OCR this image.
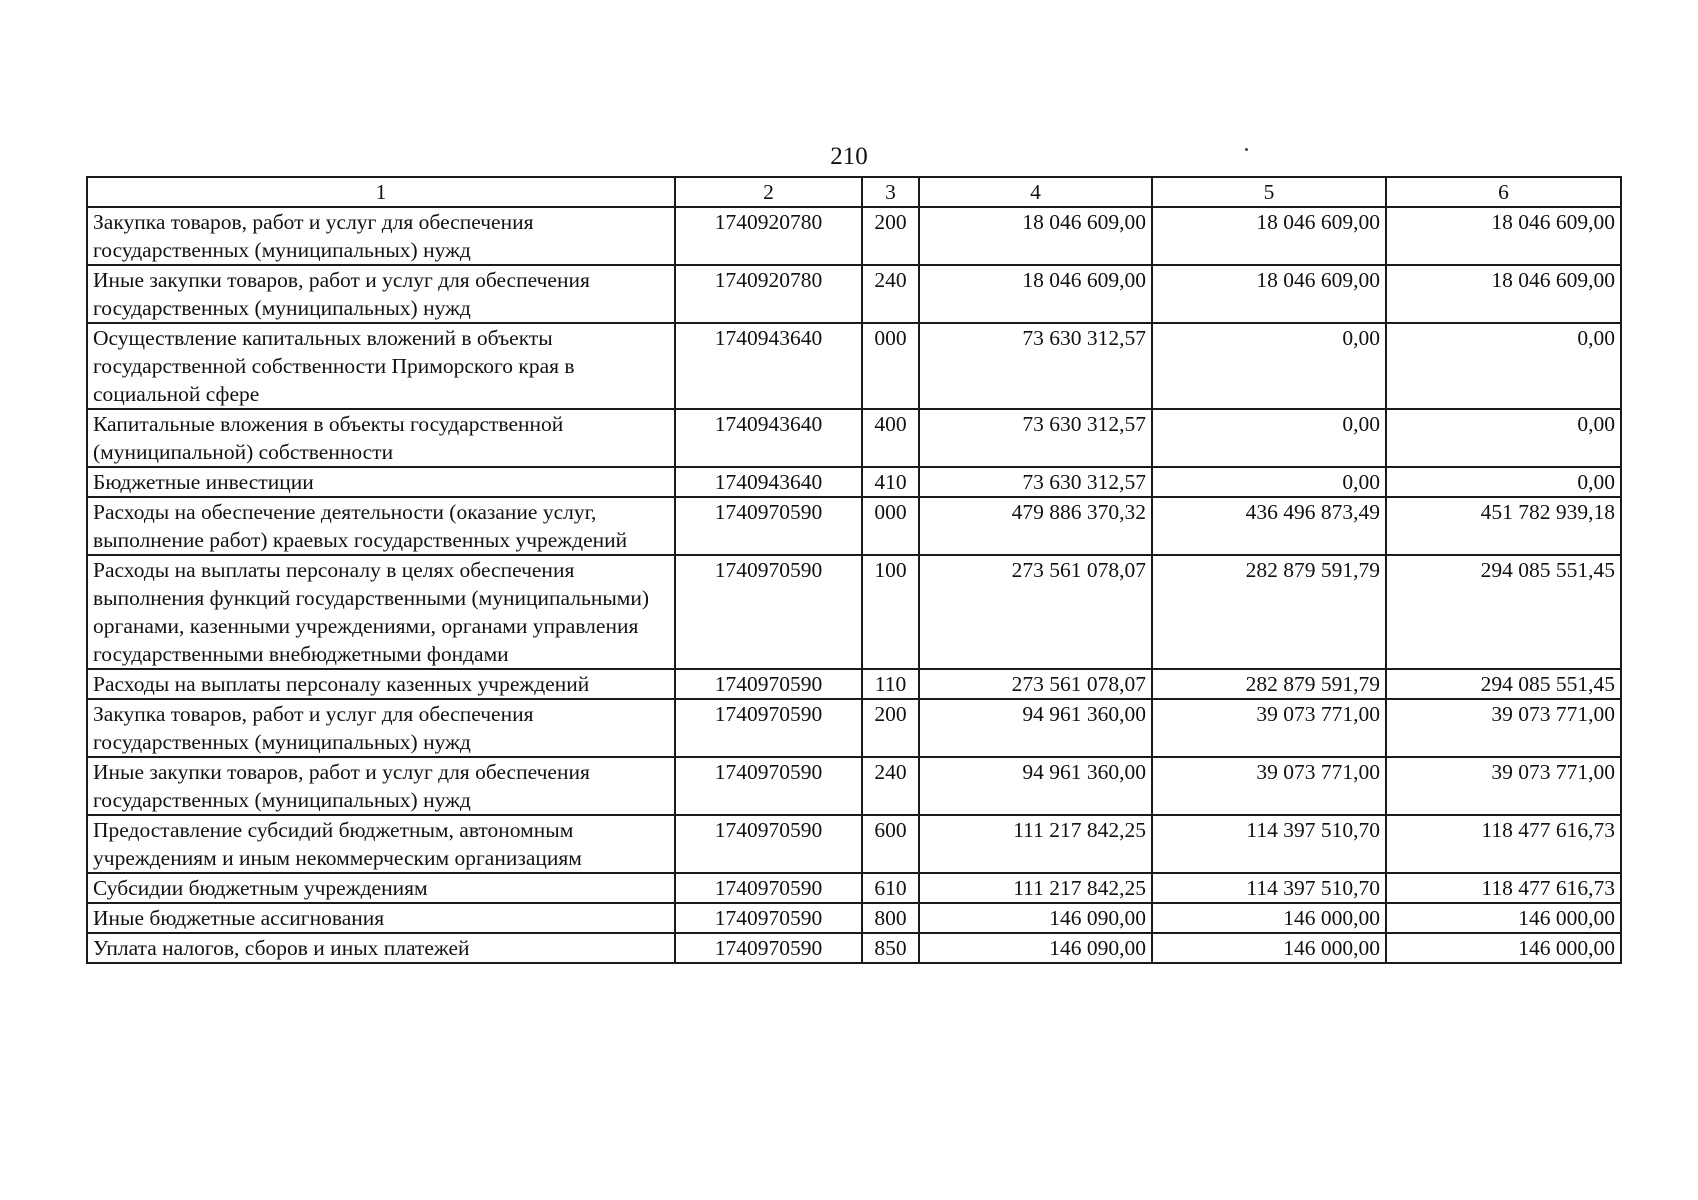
210
1	2	3	4	5	6
Закупка товаров, работ и услуг для обеспечения государственных (муниципальных) нужд	1740920780	200	18 046 609,00	18 046 609,00	18 046 609,00
Иные закупки товаров, работ и услуг для обеспечения государственных (муниципальных) нужд	1740920780	240	18 046 609,00	18 046 609,00	18 046 609,00
Осуществление капитальных вложений в объекты государственной собственности Приморского края в социальной сфере	1740943640	000	73 630 312,57	0,00	0,00
Капитальные вложения в объекты государственной (муниципальной) собственности	1740943640	400	73 630 312,57	0,00	0,00
Бюджетные инвестиции	1740943640	410	73 630 312,57	0,00	0,00
Расходы на обеспечение деятельности (оказание услуг, выполнение работ) краевых государственных учреждений	1740970590	000	479 886 370,32	436 496 873,49	451 782 939,18
Расходы на выплаты персоналу в целях обеспечения выполнения функций государственными (муниципальными) органами, казенными учреждениями, органами управления государственными внебюджетными фондами	1740970590	100	273 561 078,07	282 879 591,79	294 085 551,45
Расходы на выплаты персоналу казенных учреждений	1740970590	110	273 561 078,07	282 879 591,79	294 085 551,45
Закупка товаров, работ и услуг для обеспечения государственных (муниципальных) нужд	1740970590	200	94 961 360,00	39 073 771,00	39 073 771,00
Иные закупки товаров, работ и услуг для обеспечения государственных (муниципальных) нужд	1740970590	240	94 961 360,00	39 073 771,00	39 073 771,00
Предоставление субсидий бюджетным, автономным учреждениям и иным некоммерческим организациям	1740970590	600	111 217 842,25	114 397 510,70	118 477 616,73
Субсидии бюджетным учреждениям	1740970590	610	111 217 842,25	114 397 510,70	118 477 616,73
Иные бюджетные ассигнования	1740970590	800	146 090,00	146 000,00	146 000,00
Уплата налогов, сборов и иных платежей	1740970590	850	146 090,00	146 000,00	146 000,00
